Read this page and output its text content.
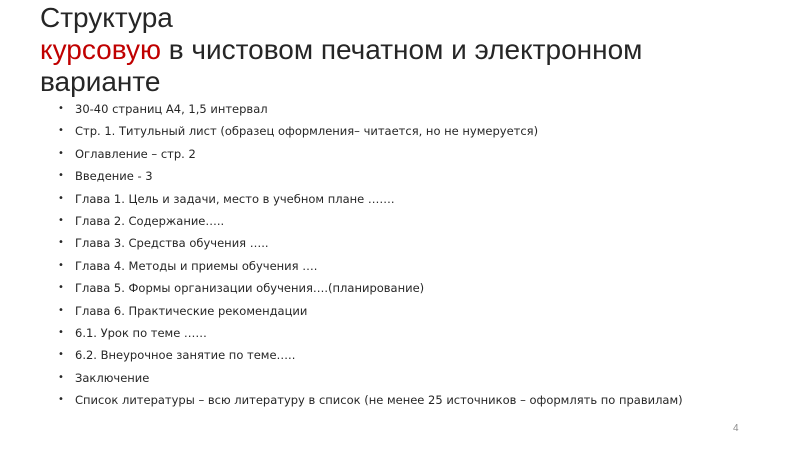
Структура
курсовую в чистовом печатном и электронном
варианте
• 30-40 страниц А4, 1,5 интервал
• Стр. 1. Титульный лист (образец оформления– читается, но не нумеруется)
• Оглавление – стр. 2
• Введение - 3
• Глава 1. Цель и задачи, место в учебном плане …….
• Глава 2. Содержание…..
• Глава 3. Средства обучения …..
• Глава 4. Методы и приемы обучения ….
• Глава 5. Формы организации обучения….(планирование)
• Глава 6. Практические рекомендации
• 6.1. Урок по теме ……
• 6.2. Внеурочное занятие по теме…..
• Заключение
• Список литературы – всю литературу в список (не менее 25 источников – оформлять по правилам)
4
